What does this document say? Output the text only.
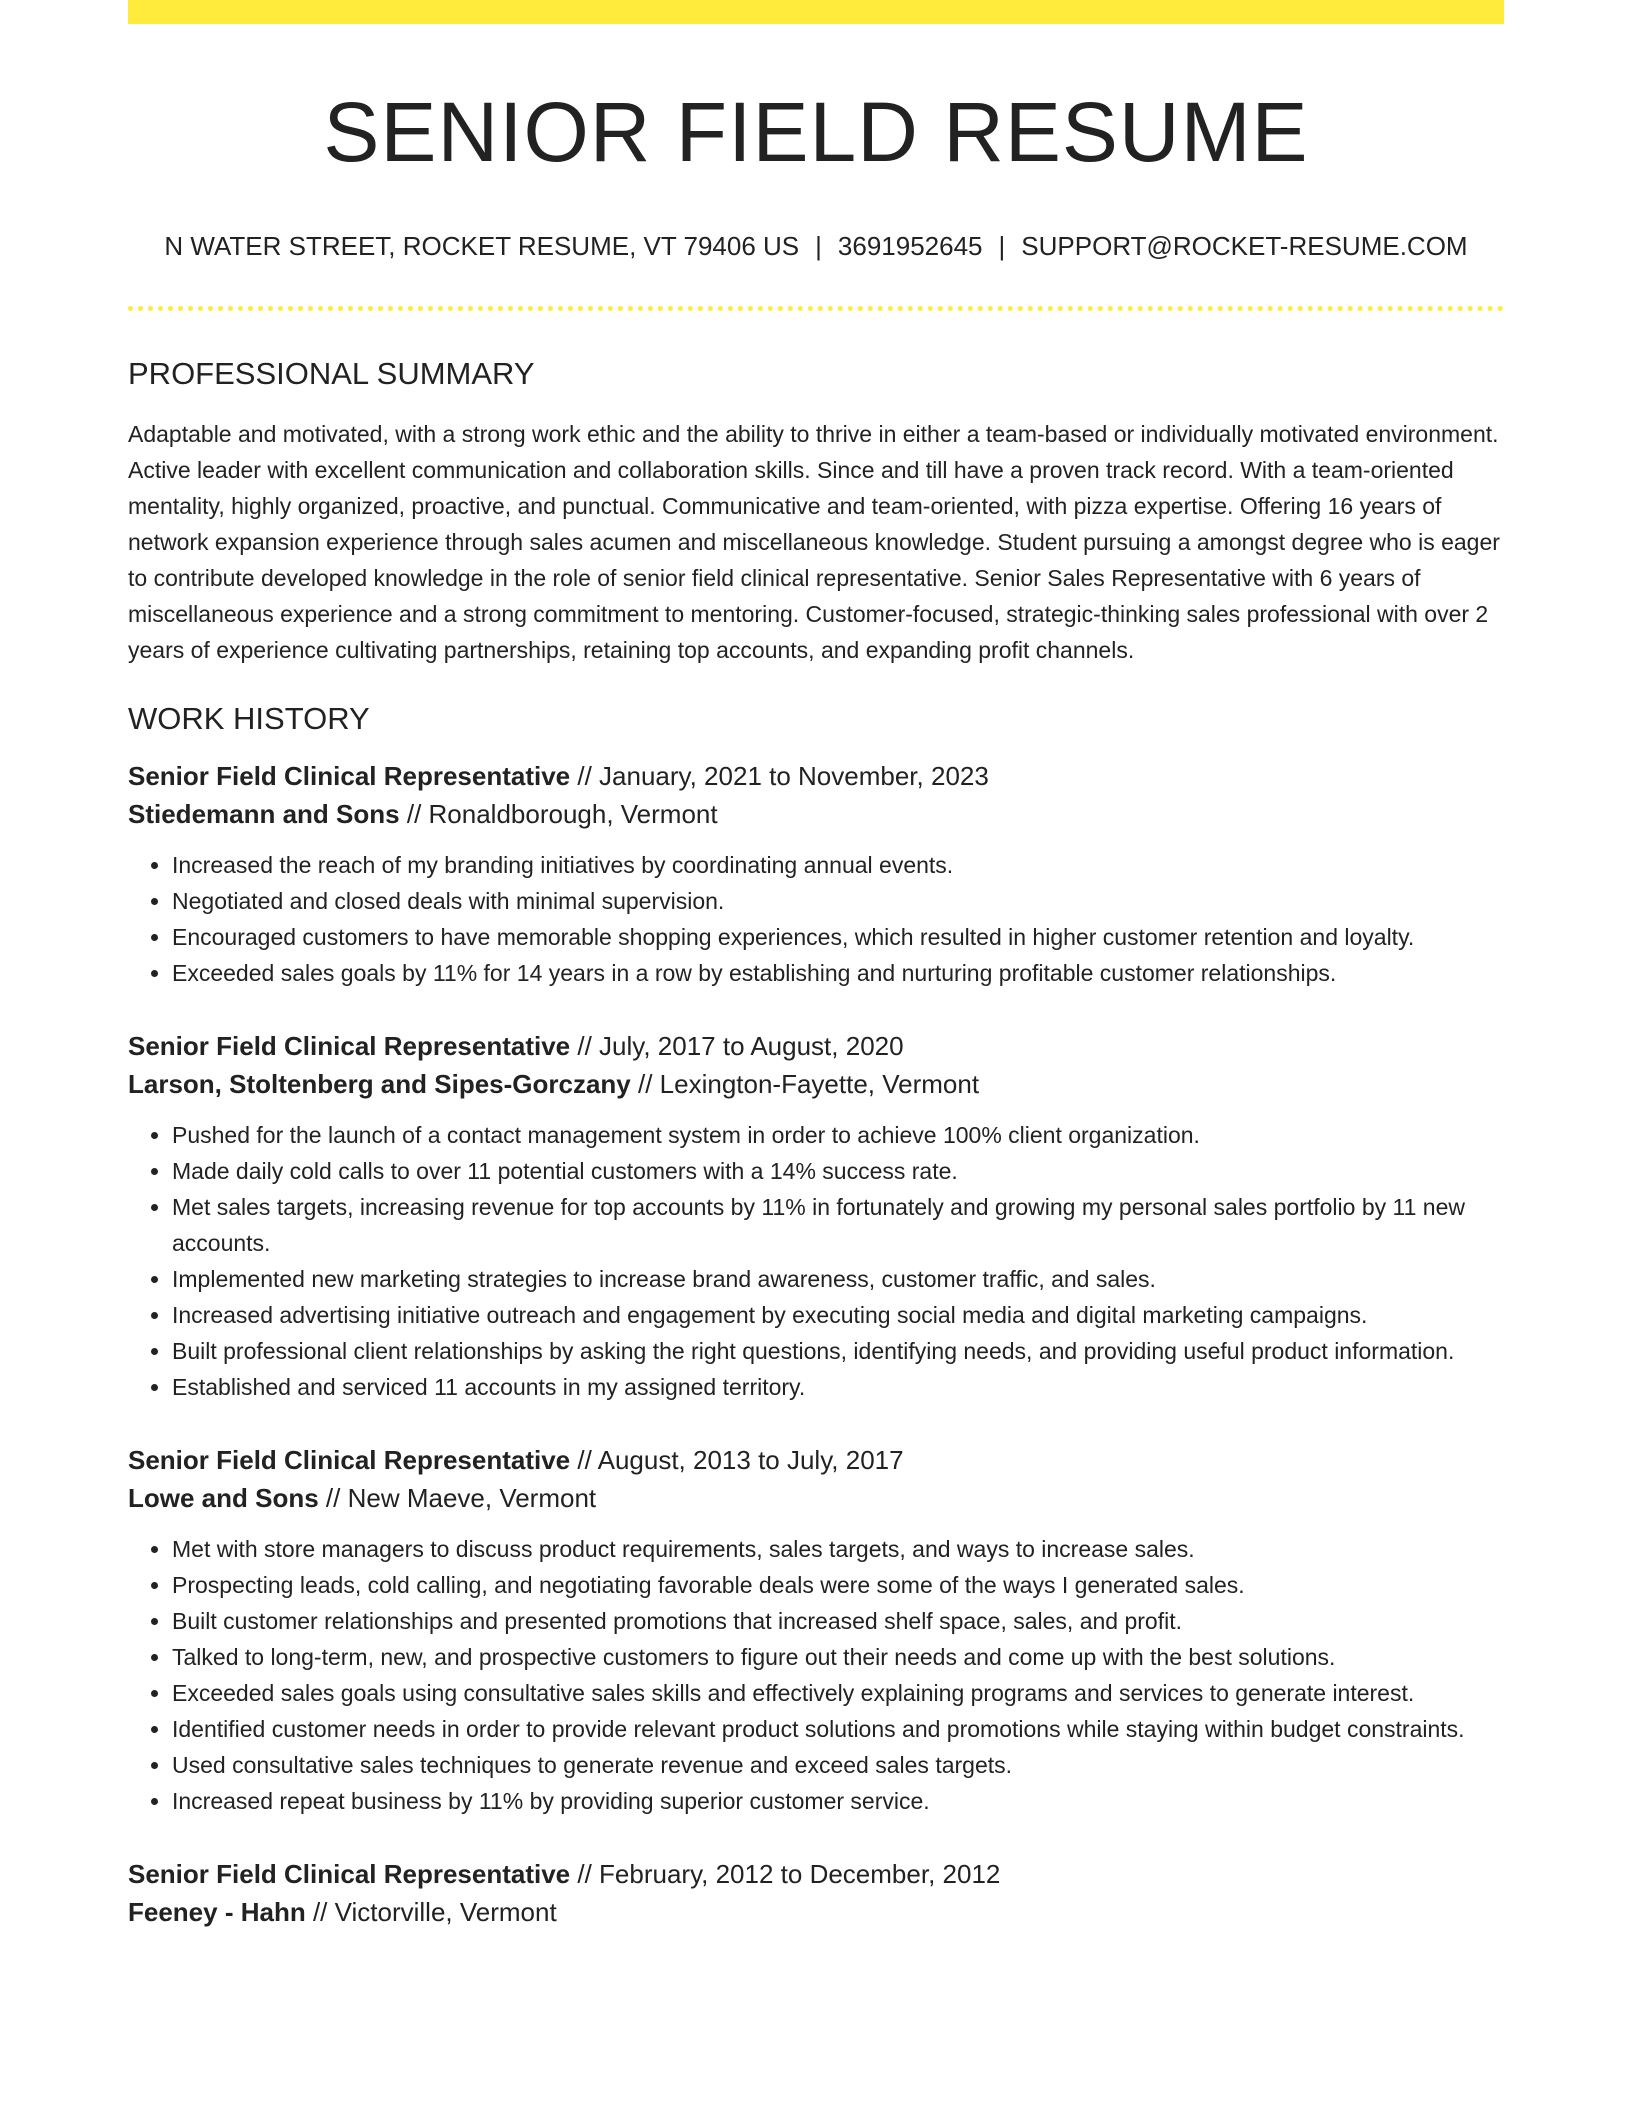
SENIOR FIELD RESUME
N WATER STREET, ROCKET RESUME, VT 79406 US | 3691952645 | SUPPORT@ROCKET-RESUME.COM
PROFESSIONAL SUMMARY

Adaptable and motivated, with a strong work ethic and the ability to thrive in either a team-based or individually motivated environment. Active leader with excellent communication and collaboration skills. Since and till have a proven track record. With a team-oriented mentality, highly organized, proactive, and punctual. Communicative and team-oriented, with pizza expertise. Offering 16 years of network expansion experience through sales acumen and miscellaneous knowledge. Student pursuing a amongst degree who is eager to contribute developed knowledge in the role of senior field clinical representative. Senior Sales Representative with 6 years of miscellaneous experience and a strong commitment to mentoring. Customer-focused, strategic-thinking sales professional with over 2 years of experience cultivating partnerships, retaining top accounts, and expanding profit channels.

WORK HISTORY
Senior Field Clinical Representative // January, 2021 to November, 2023
Stiedemann and Sons // Ronaldborough, Vermont
• Increased the reach of my branding initiatives by coordinating annual events.
• Negotiated and closed deals with minimal supervision.
• Encouraged customers to have memorable shopping experiences, which resulted in higher customer retention and loyalty.
• Exceeded sales goals by 11% for 14 years in a row by establishing and nurturing profitable customer relationships.
Senior Field Clinical Representative // July, 2017 to August, 2020
Larson, Stoltenberg and Sipes-Gorczany // Lexington-Fayette, Vermont
• Pushed for the launch of a contact management system in order to achieve 100% client organization.
• Made daily cold calls to over 11 potential customers with a 14% success rate.
• Met sales targets, increasing revenue for top accounts by 11% in fortunately and growing my personal sales portfolio by 11 new accounts.
• Implemented new marketing strategies to increase brand awareness, customer traffic, and sales.
• Increased advertising initiative outreach and engagement by executing social media and digital marketing campaigns.
• Built professional client relationships by asking the right questions, identifying needs, and providing useful product information.
• Established and serviced 11 accounts in my assigned territory.
Senior Field Clinical Representative // August, 2013 to July, 2017
Lowe and Sons // New Maeve, Vermont
• Met with store managers to discuss product requirements, sales targets, and ways to increase sales.
• Prospecting leads, cold calling, and negotiating favorable deals were some of the ways I generated sales.
• Built customer relationships and presented promotions that increased shelf space, sales, and profit.
• Talked to long-term, new, and prospective customers to figure out their needs and come up with the best solutions.
• Exceeded sales goals using consultative sales skills and effectively explaining programs and services to generate interest.
• Identified customer needs in order to provide relevant product solutions and promotions while staying within budget constraints.
• Used consultative sales techniques to generate revenue and exceed sales targets.
• Increased repeat business by 11% by providing superior customer service.
Senior Field Clinical Representative // February, 2012 to December, 2012
Feeney - Hahn // Victorville, Vermont
